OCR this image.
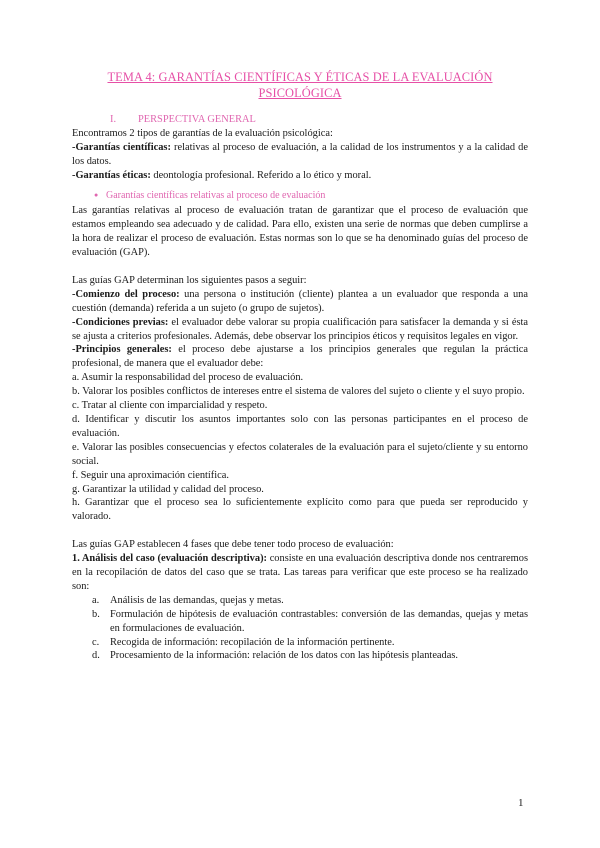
TEMA 4: GARANTÍAS CIENTÍFICAS Y ÉTICAS DE LA EVALUACIÓN
PSICOLÓGICA
I.	PERSPECTIVA GENERAL

Encontramos 2 tipos de garantías de la evaluación psicológica:

-Garantías científicas: relativas al proceso de evaluación, a la calidad de los instrumentos y a la calidad de los datos.

-Garantías éticas: deontología profesional. Referido a lo ético y moral.

● Garantías científicas relativas al proceso de evaluación

Las garantías relativas al proceso de evaluación tratan de garantizar que el proceso de evaluación que estamos empleando sea adecuado y de calidad. Para ello, existen una serie de normas que deben cumplirse a la hora de realizar el proceso de evaluación. Estas normas son lo que se ha denominado guías del proceso de evaluación (GAP).

Las guías GAP determinan los siguientes pasos a seguir:

-Comienzo del proceso: una persona o institución (cliente) plantea a un evaluador que responda a una cuestión (demanda) referida a un sujeto (o grupo de sujetos).

-Condiciones previas: el evaluador debe valorar su propia cualificación para satisfacer la demanda y si ésta se ajusta a criterios profesionales. Además, debe observar los principios éticos y requisitos legales en vigor.

-Principios generales: el proceso debe ajustarse a los principios generales que regulan la práctica profesional, de manera que el evaluador debe:

a. Asumir la responsabilidad del proceso de evaluación.

b. Valorar los posibles conflictos de intereses entre el sistema de valores del sujeto o cliente y el suyo propio.

c. Tratar al cliente con imparcialidad y respeto.

d. Identificar y discutir los asuntos importantes solo con las personas participantes en el proceso de evaluación.

e. Valorar las posibles consecuencias y efectos colaterales de la evaluación para el sujeto/cliente y su entorno social.

f. Seguir una aproximación científica.

g. Garantizar la utilidad y calidad del proceso.

h. Garantizar que el proceso sea lo suficientemente explícito como para que pueda ser reproducido y valorado.

Las guías GAP establecen 4 fases que debe tener todo proceso de evaluación:

1. Análisis del caso (evaluación descriptiva): consiste en una evaluación descriptiva donde nos centraremos en la recopilación de datos del caso que se trata. Las tareas para verificar que este proceso se ha realizado son:

a.	Análisis de las demandas, quejas y metas.
b. Formulación de hipótesis de evaluación contrastables: conversión de las demandas, quejas y metas en formulaciones de evaluación.
c.	Recogida de información: recopilación de la información pertinente.
d. Procesamiento de la información: relación de los datos con las hipótesis planteadas.
1
